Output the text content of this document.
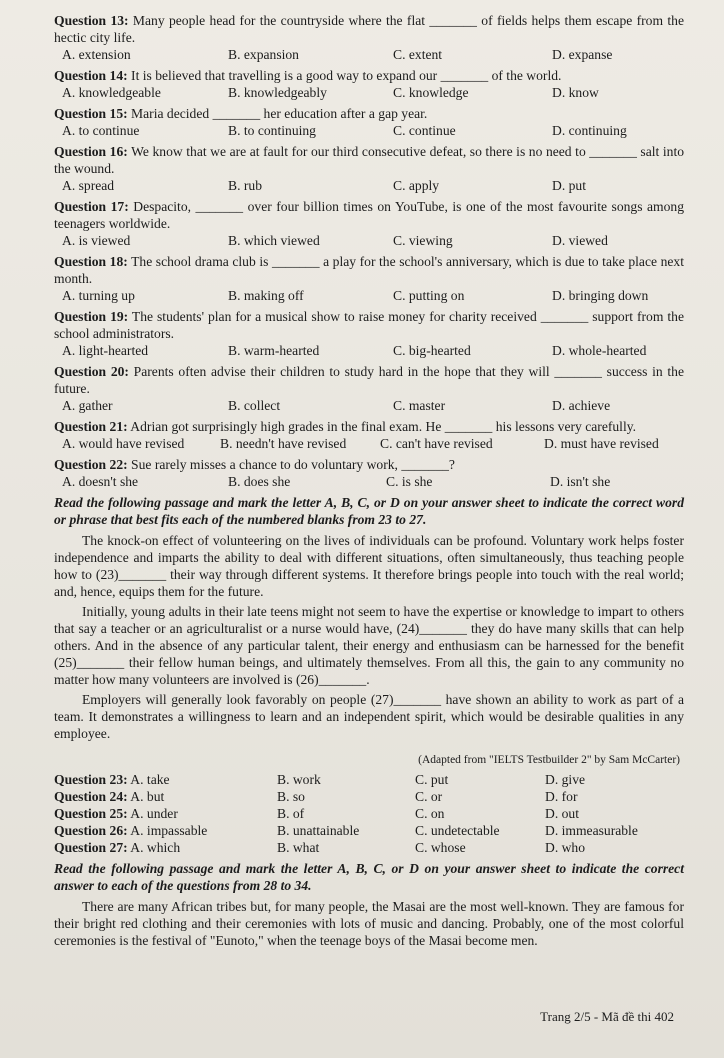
Question 13: Many people head for the countryside where the flat _______ of fields helps them escape from the hectic city life.
A. extension	B. expansion	C. extent	D. expanse
Question 14: It is believed that travelling is a good way to expand our _______ of the world.
A. knowledgeable	B. knowledgeably	C. knowledge	D. know
Question 15: Maria decided _______ her education after a gap year.
A. to continue	B. to continuing	C. continue	D. continuing
Question 16: We know that we are at fault for our third consecutive defeat, so there is no need to _______ salt into the wound.
A. spread	B. rub	C. apply	D. put
Question 17: Despacito, _______ over four billion times on YouTube, is one of the most favourite songs among teenagers worldwide.
A. is viewed	B. which viewed	C. viewing	D. viewed
Question 18: The school drama club is _______ a play for the school's anniversary, which is due to take place next month.
A. turning up	B. making off	C. putting on	D. bringing down
Question 19: The students' plan for a musical show to raise money for charity received _______ support from the school administrators.
A. light-hearted	B. warm-hearted	C. big-hearted	D. whole-hearted
Question 20: Parents often advise their children to study hard in the hope that they will _______ success in the future.
A. gather	B. collect	C. master	D. achieve
Question 21: Adrian got surprisingly high grades in the final exam. He _______ his lessons very carefully.
A. would have revised	B. needn't have revised	C. can't have revised	D. must have revised
Question 22: Sue rarely misses a chance to do voluntary work, _______?
A. doesn't she	B. does she	C. is she	D. isn't she
Read the following passage and mark the letter A, B, C, or D on your answer sheet to indicate the correct word or phrase that best fits each of the numbered blanks from 23 to 27.

The knock-on effect of volunteering on the lives of individuals can be profound. Voluntary work helps foster independence and imparts the ability to deal with different situations, often simultaneously, thus teaching people how to (23)_______ their way through different systems. It therefore brings people into touch with the real world; and, hence, equips them for the future.

Initially, young adults in their late teens might not seem to have the expertise or knowledge to impart to others that say a teacher or an agriculturalist or a nurse would have, (24)_______ they do have many skills that can help others. And in the absence of any particular talent, their energy and enthusiasm can be harnessed for the benefit (25)_______ their fellow human beings, and ultimately themselves. From all this, the gain to any community no matter how many volunteers are involved is (26)_______.

Employers will generally look favorably on people (27)_______ have shown an ability to work as part of a team. It demonstrates a willingness to learn and an independent spirit, which would be desirable qualities in any employee.

(Adapted from "IELTS Testbuilder 2" by Sam McCarter)
Question 23: A. take	B. work	C. put	D. give
Question 24: A. but	B. so	C. or	D. for
Question 25: A. under	B. of	C. on	D. out
Question 26: A. impassable	B. unattainable	C. undetectable	D. immeasurable
Question 27: A. which	B. what	C. whose	D. who
Read the following passage and mark the letter A, B, C, or D on your answer sheet to indicate the correct answer to each of the questions from 28 to 34.

There are many African tribes but, for many people, the Masai are the most well-known. They are famous for their bright red clothing and their ceremonies with lots of music and dancing. Probably, one of the most colorful ceremonies is the festival of "Eunoto," when the teenage boys of the Masai become men.

Trang 2/5 - Mã đề thi 402
